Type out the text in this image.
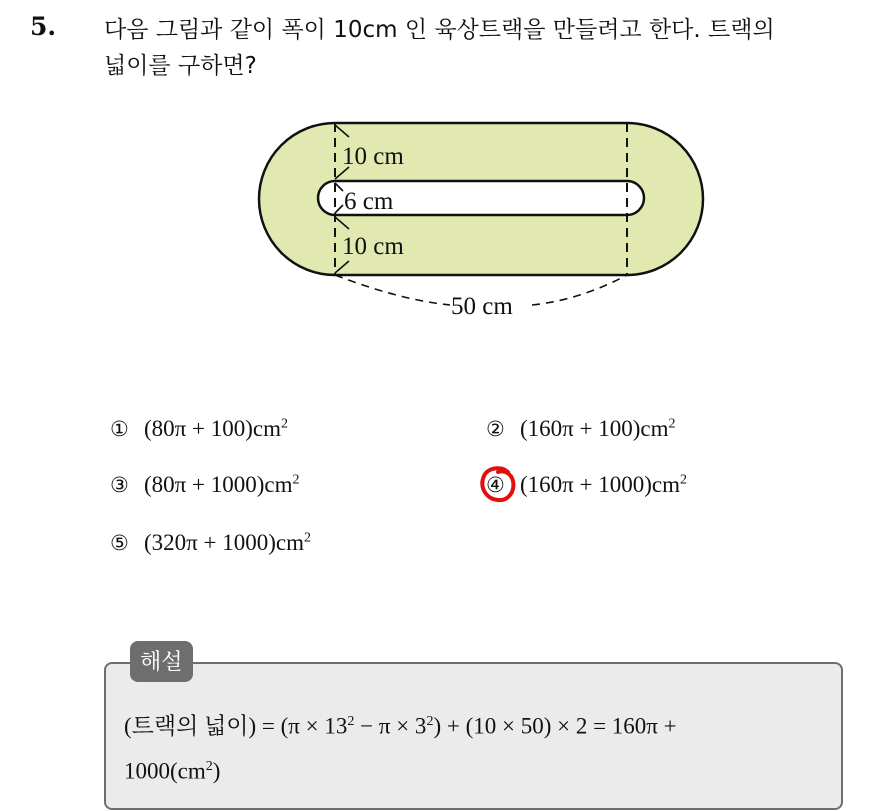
5. 다음 그림과 같이 폭이 10cm 인 육상트랙을 만들려고 한다. 트랙의
넓이를 구하면?
10 cm
6 cm
10 cm
50 cm
① $(80\pi + 100)cm^2$	② $(160\pi + 100)cm^2$
③ $(80\pi + 1000)cm^2$	④ $(160\pi + 1000)cm^2$
⑤ $(320\pi + 1000)cm^2$
해설
(트랙의 넓이) = $(\pi \times 13^2 - \pi \times 3^2) + (10 \times 50) \times 2 = 160\pi$ +
$1000(cm^2)$
